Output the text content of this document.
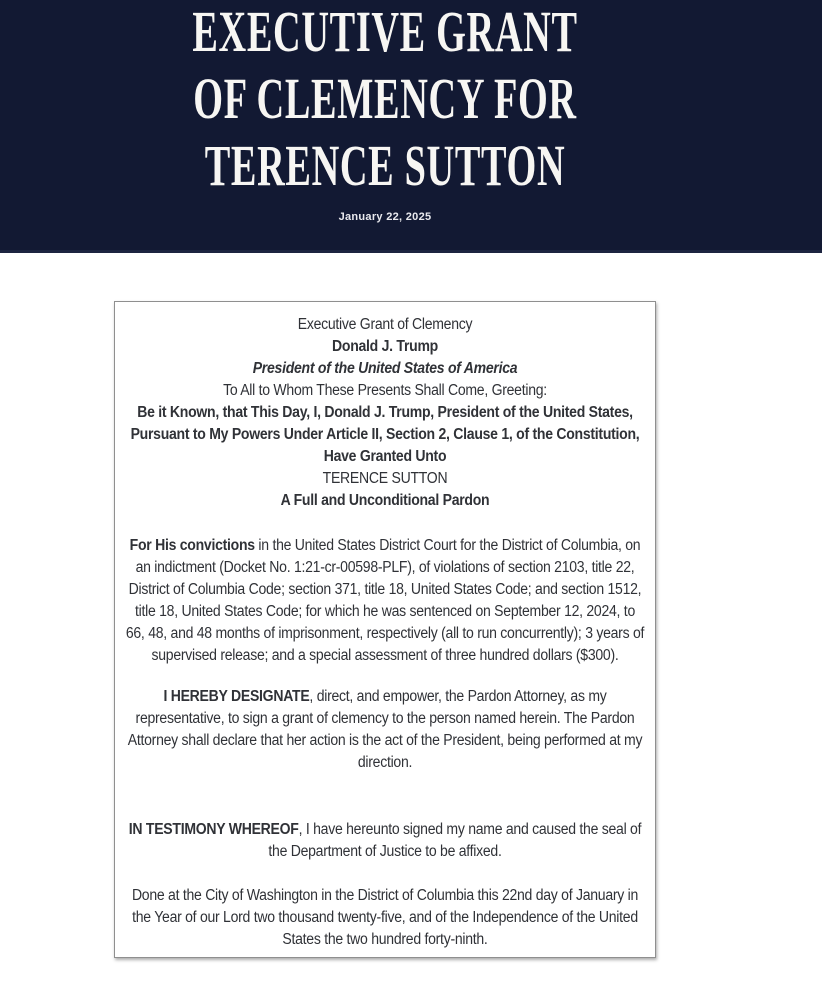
EXECUTIVE GRANT
OF CLEMENCY FOR
TERENCE SUTTON
January 22, 2025

Executive Grant of Clemency

Donald J. Trump

President of the United States of America

To All to Whom These Presents Shall Come, Greeting:

Be it Known, that This Day, I, Donald J. Trump, President of the United States,

Pursuant to My Powers Under Article II, Section 2, Clause 1, of the Constitution,

Have Granted Unto

TERENCE SUTTON

A Full and Unconditional Pardon

For His convictions in the United States District Court for the District of Columbia, on an indictment (Docket No. 1:21-cr-00598-PLF), of violations of section 2103, title 22, District of Columbia Code; section 371, title 18, United States Code; and section 1512, title 18, United States Code; for which he was sentenced on September 12, 2024, to 66, 48, and 48 months of imprisonment, respectively (all to run concurrently); 3 years of supervised release; and a special assessment of three hundred dollars ($300).

I HEREBY DESIGNATE, direct, and empower, the Pardon Attorney, as my representative, to sign a grant of clemency to the person named herein. The Pardon Attorney shall declare that her action is the act of the President, being performed at my direction.

IN TESTIMONY WHEREOF, I have hereunto signed my name and caused the seal of the Department of Justice to be affixed.

Done at the City of Washington in the District of Columbia this 22nd day of January in the Year of our Lord two thousand twenty-five, and of the Independence of the United States the two hundred forty-ninth.
